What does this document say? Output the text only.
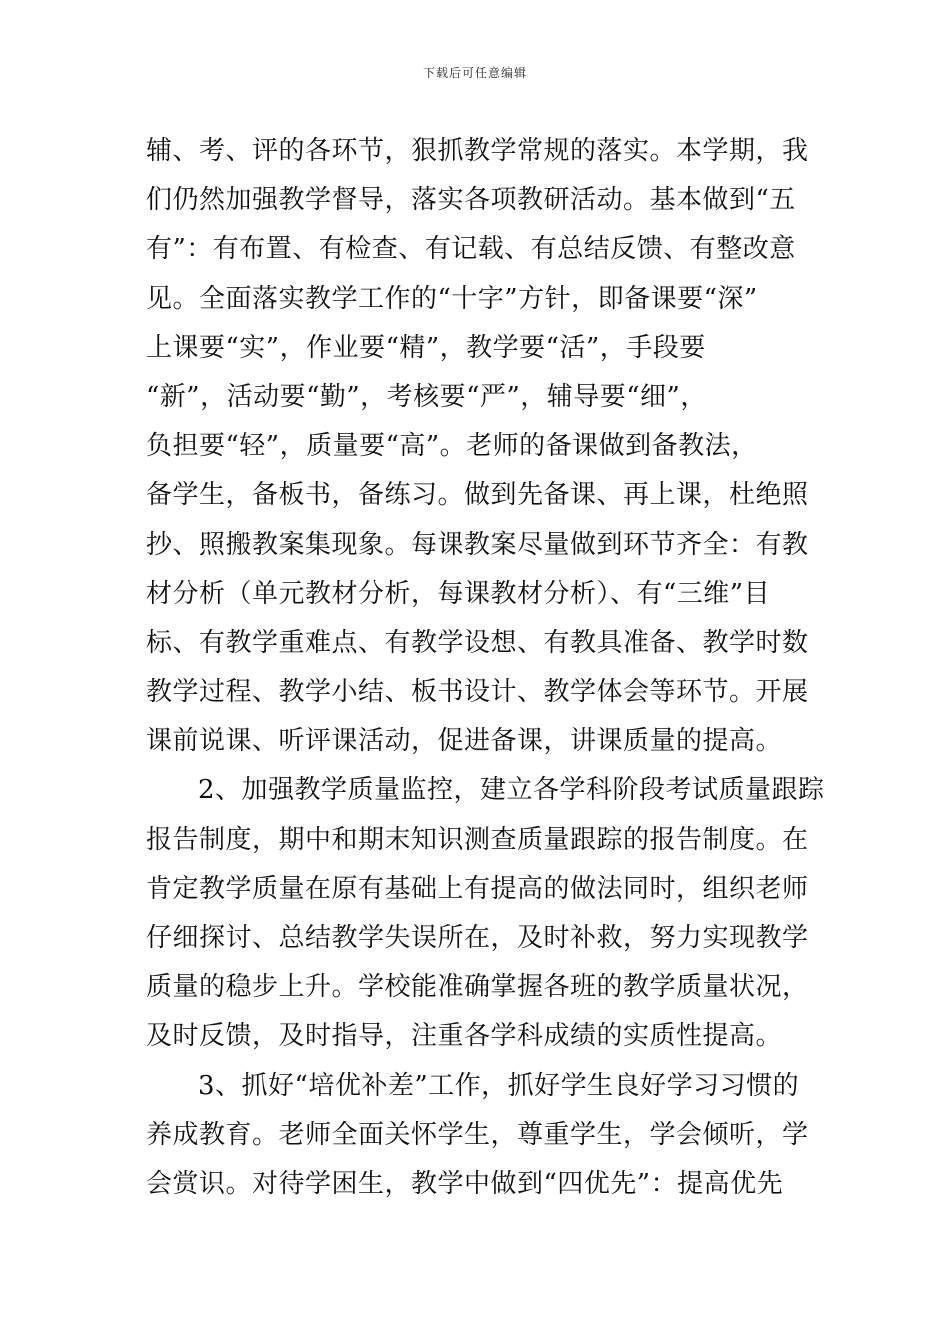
下载后可任意编辑
辅、考、评的各环节，狠抓教学常规的落实。本学期，我
们仍然加强教学督导，落实各项教研活动。基本做到“五
有”：有布置、有检查、有记载、有总结反馈、有整改意
见。全面落实教学工作的“十字”方针，即备课要“深”
上课要“实”，作业要“精”，教学要“活”，手段要
“新”，活动要“勤”，考核要“严”，辅导要“细”，
负担要“轻”，质量要“高”。老师的备课做到备教法，
备学生，备板书，备练习。做到先备课、再上课，杜绝照
抄、照搬教案集现象。每课教案尽量做到环节齐全：有教
材分析（单元教材分析，每课教材分析）、有“三维”目
标、有教学重难点、有教学设想、有教具准备、教学时数
教学过程、教学小结、板书设计、教学体会等环节。开展
课前说课、听评课活动，促进备课，讲课质量的提高。
2、加强教学质量监控，建立各学科阶段考试质量跟踪
报告制度，期中和期末知识测查质量跟踪的报告制度。在
肯定教学质量在原有基础上有提高的做法同时，组织老师
仔细探讨、总结教学失误所在，及时补救，努力实现教学
质量的稳步上升。学校能准确掌握各班的教学质量状况，
及时反馈，及时指导，注重各学科成绩的实质性提高。
3、抓好“培优补差”工作，抓好学生良好学习习惯的
养成教育。老师全面关怀学生，尊重学生，学会倾听，学
会赏识。对待学困生，教学中做到“四优先”：提高优先
